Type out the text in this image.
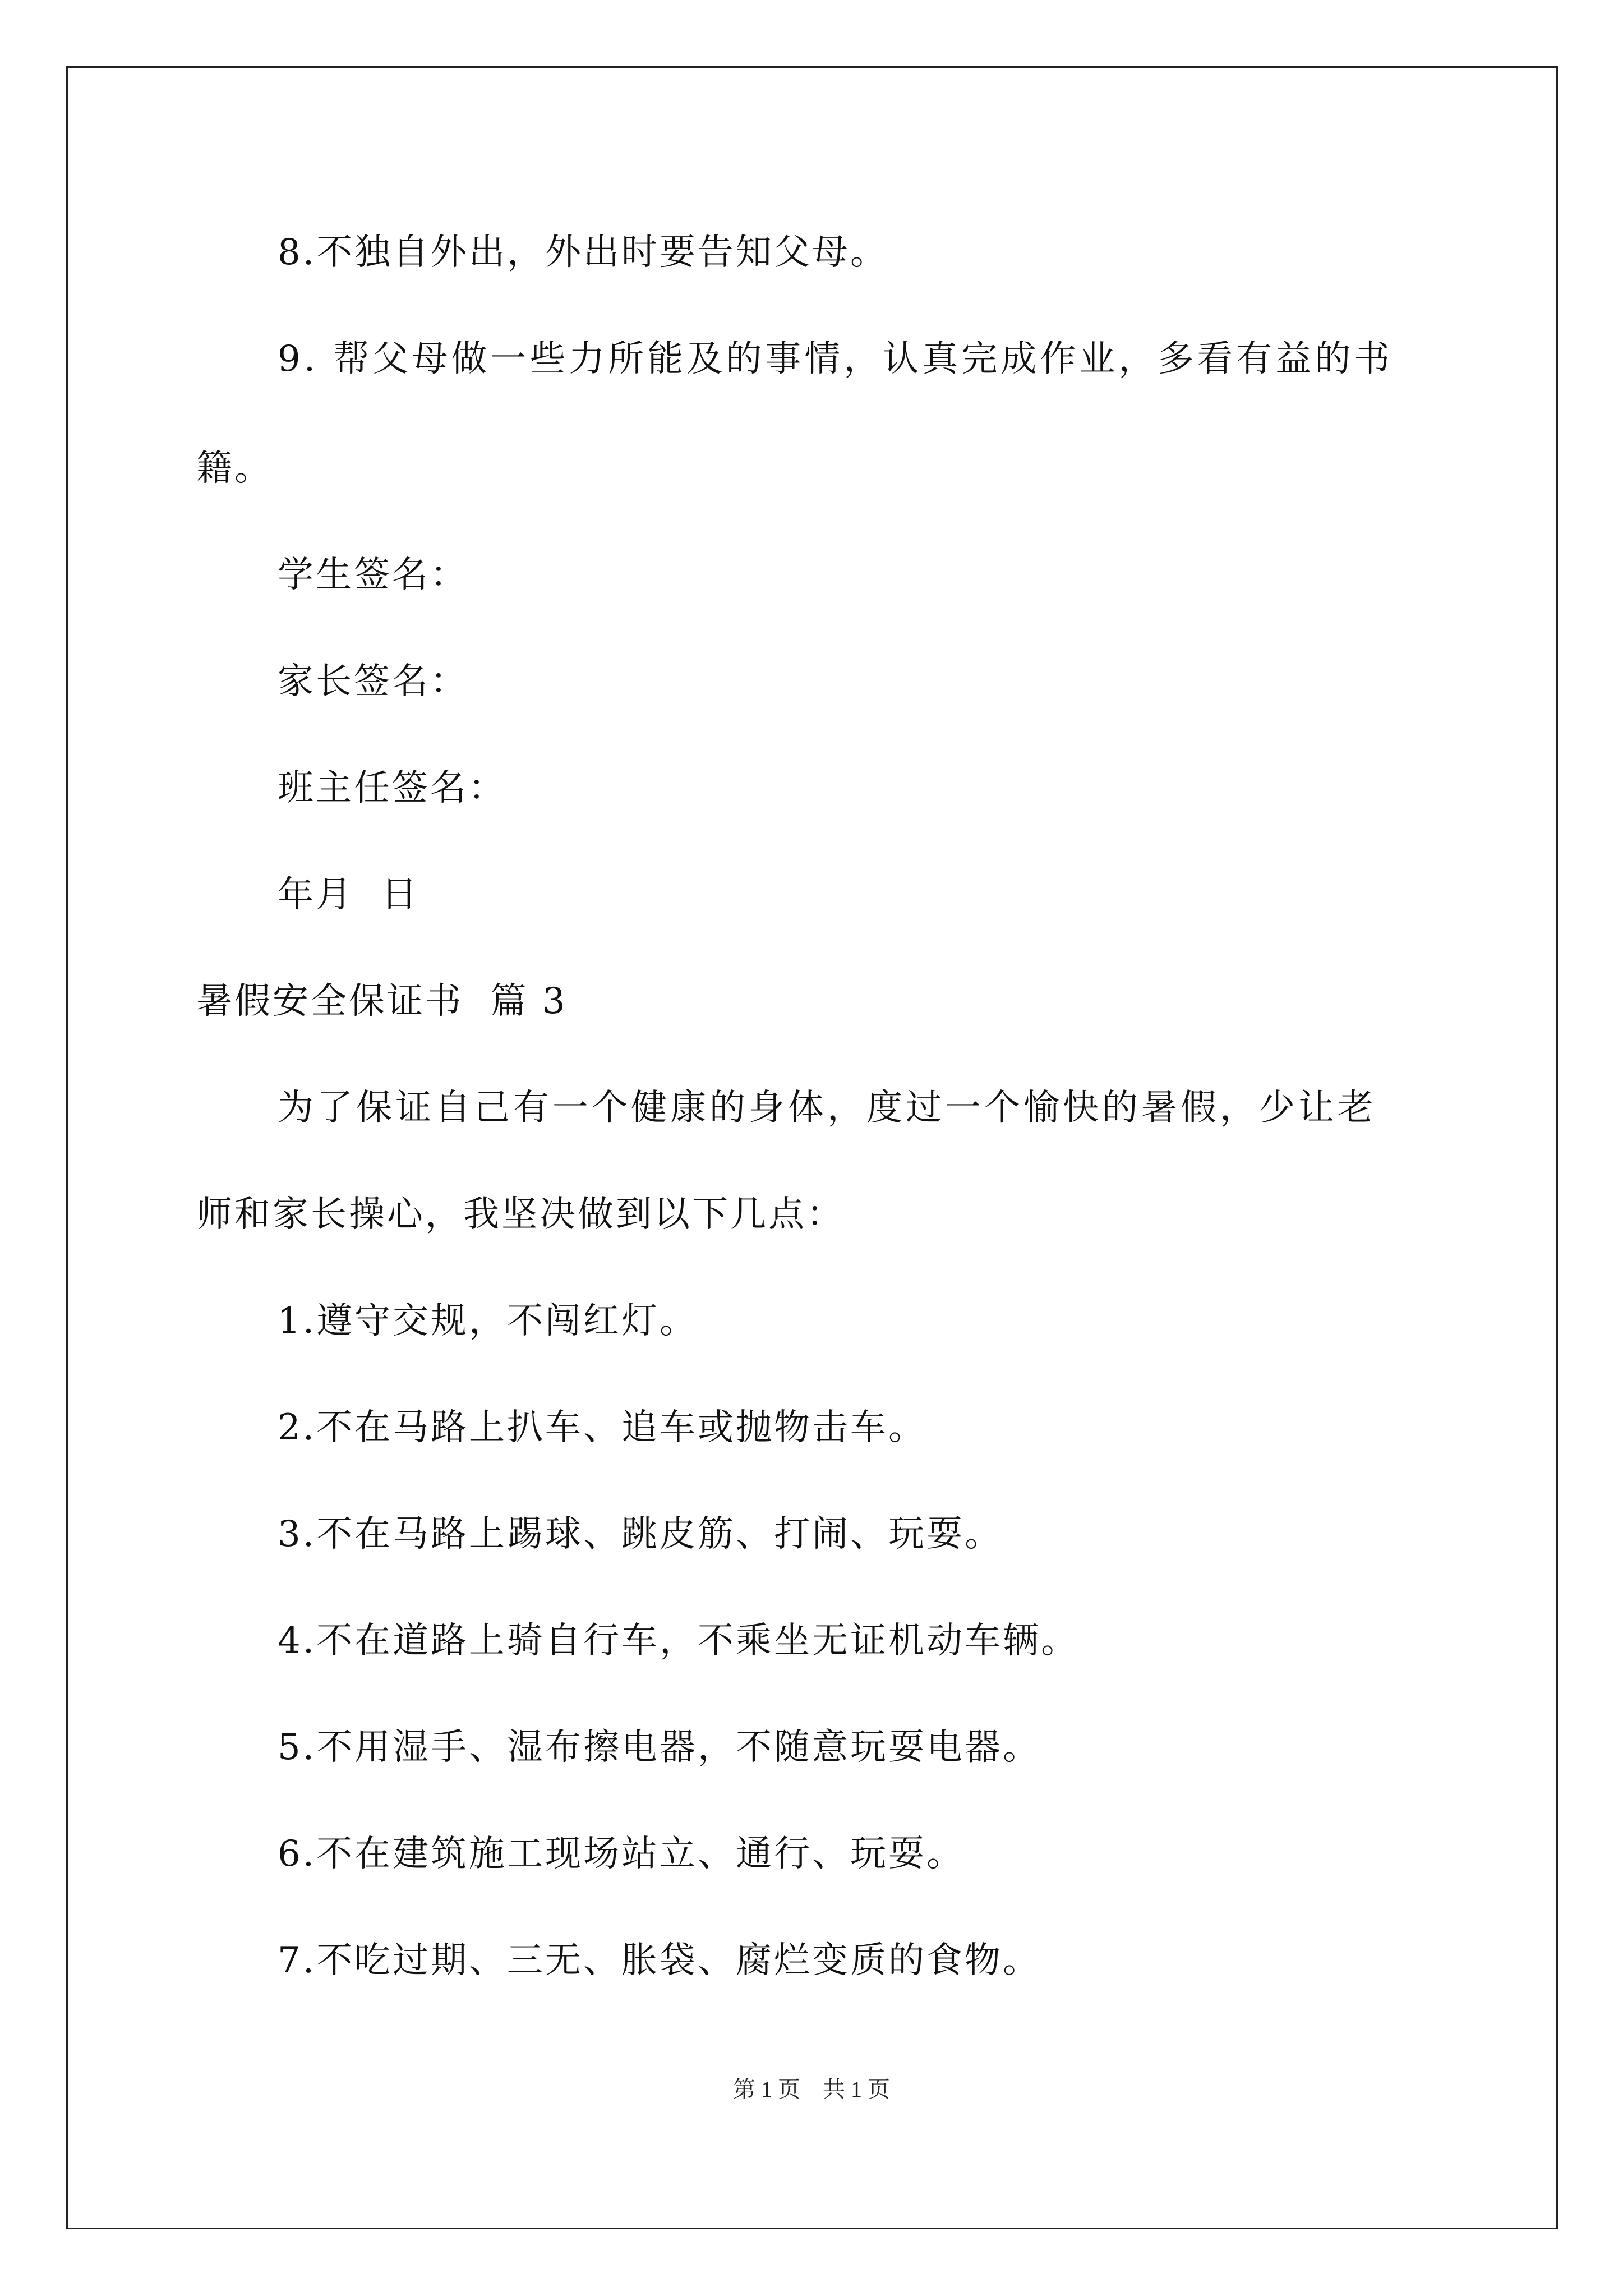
8.不独自外出，外出时要告知父母。
9. 帮父母做一些力所能及的事情，认真完成作业，多看有益的书
籍。
学生签名：
家长签名：
班主任签名：
年月  日
暑假安全保证书  篇 3
为了保证自己有一个健康的身体，度过一个愉快的暑假，少让老
师和家长操心，我坚决做到以下几点：
1.遵守交规，不闯红灯。
2.不在马路上扒车、追车或抛物击车。
3.不在马路上踢球、跳皮筋、打闹、玩耍。
4.不在道路上骑自行车，不乘坐无证机动车辆。
5.不用湿手、湿布擦电器，不随意玩耍电器。
6.不在建筑施工现场站立、通行、玩耍。
7.不吃过期、三无、胀袋、腐烂变质的食物。
第 1 页    共 1 页
